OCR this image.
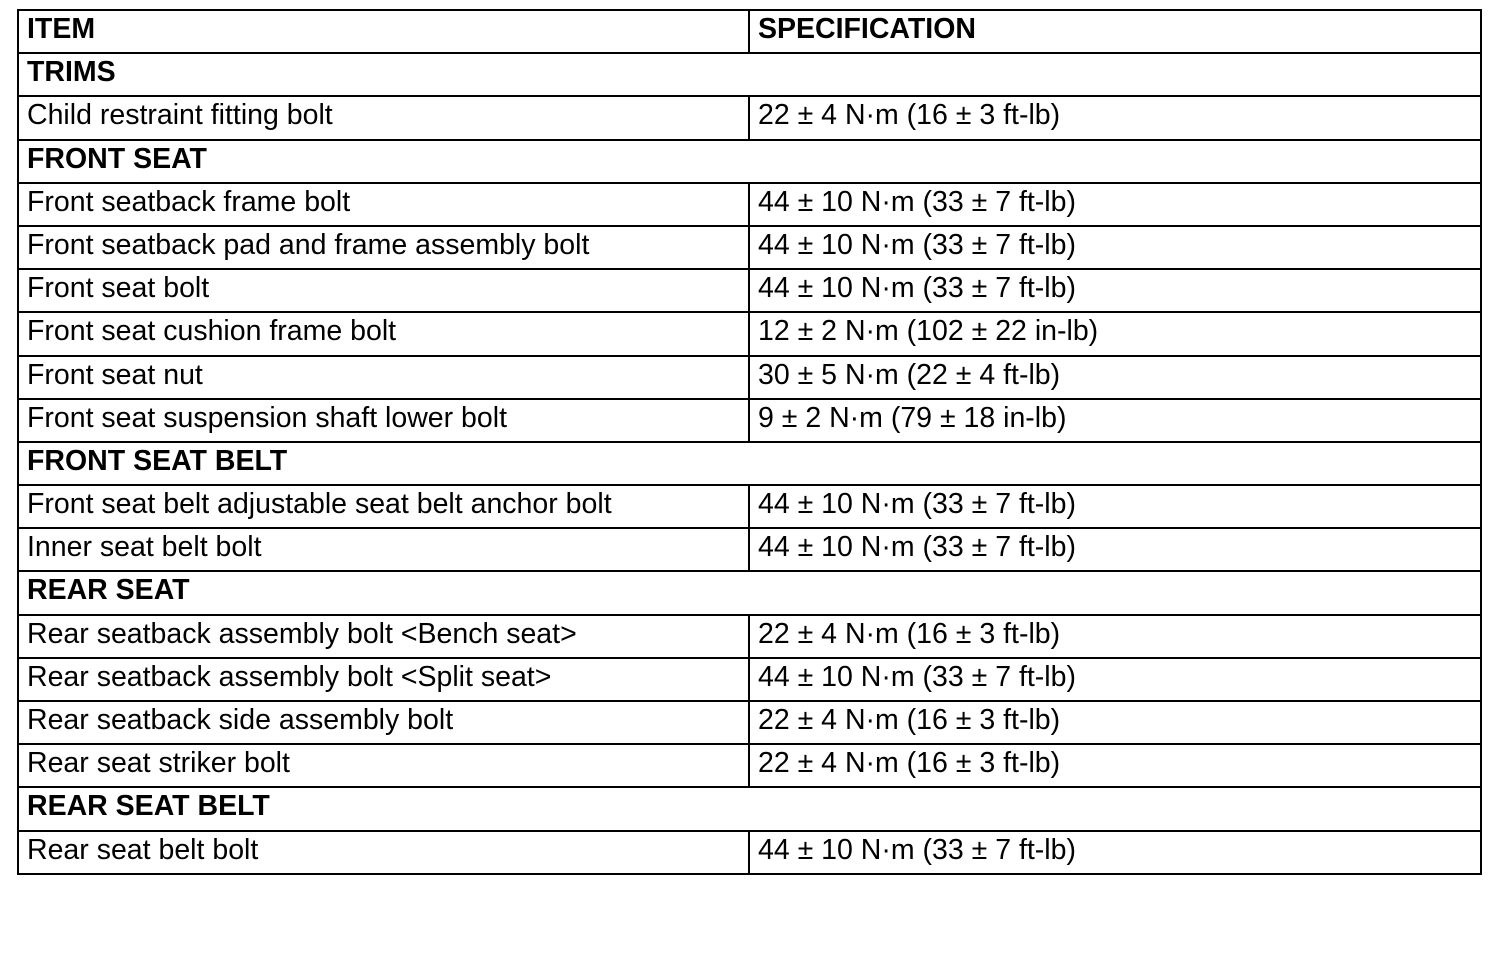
ITEM	SPECIFICATION
TRIMS	
Child restraint fitting bolt	22 ± 4 N·m (16 ± 3 ft-lb)
FRONT SEAT	
Front seatback frame bolt	44 ± 10 N·m (33 ± 7 ft-lb)
Front seatback pad and frame assembly bolt	44 ± 10 N·m (33 ± 7 ft-lb)
Front seat bolt	44 ± 10 N·m (33 ± 7 ft-lb)
Front seat cushion frame bolt	12 ± 2 N·m (102 ± 22 in-lb)
Front seat nut	30 ± 5 N·m (22 ± 4 ft-lb)
Front seat suspension shaft lower bolt	9 ± 2 N·m (79 ± 18 in-lb)
FRONT SEAT BELT	
Front seat belt adjustable seat belt anchor bolt	44 ± 10 N·m (33 ± 7 ft-lb)
Inner seat belt bolt	44 ± 10 N·m (33 ± 7 ft-lb)
REAR SEAT	
Rear seatback assembly bolt <Bench seat>	22 ± 4 N·m (16 ± 3 ft-lb)
Rear seatback assembly bolt <Split seat>	44 ± 10 N·m (33 ± 7 ft-lb)
Rear seatback side assembly bolt	22 ± 4 N·m (16 ± 3 ft-lb)
Rear seat striker bolt	22 ± 4 N·m (16 ± 3 ft-lb)
REAR SEAT BELT	
Rear seat belt bolt	44 ± 10 N·m (33 ± 7 ft-lb)
